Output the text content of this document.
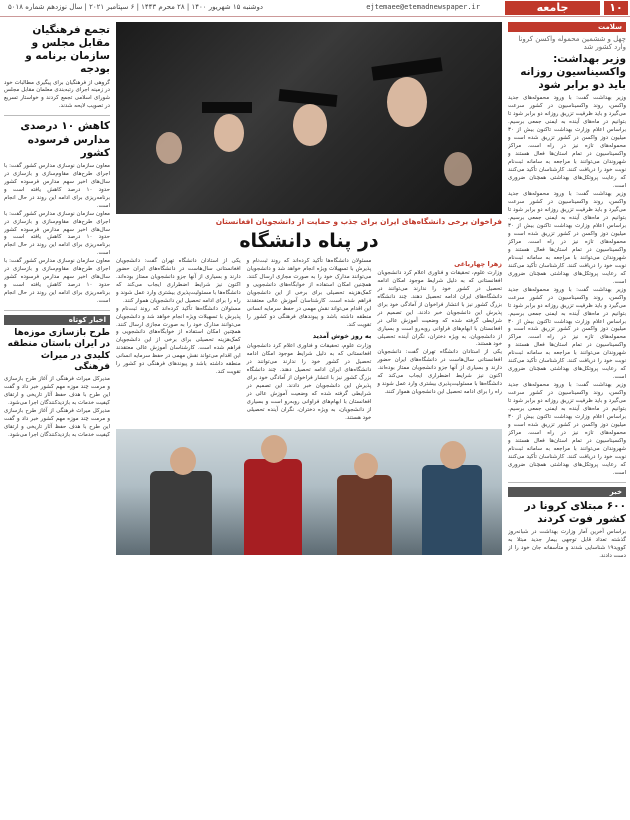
۱۰
جامعه
ejtemaee@etemadnewspaper.ir
دوشنبه ۱۵ شهریور ۱۴۰۰ | ۲۸ محرم ۱۴۴۳ | ۶ سپتامبر ۲۰۲۱ | سال نوزدهم شماره ۵۰۱۸
سلامت
چهل و ششمین محموله واکسن کرونا وارد کشور شد
وزیر بهداشت: واکسیناسیون روزانه باید دو برابر شود
وزیر بهداشت گفت: با ورود محموله‌های جدید واکسن، روند واکسیناسیون در کشور سرعت می‌گیرد و باید ظرفیت تزریق روزانه دو برابر شود تا بتوانیم در ماه‌های آینده به ایمنی جمعی برسیم. براساس اعلام وزارت بهداشت تاکنون بیش از ۳۰ میلیون دوز واکسن در کشور تزریق شده است و محموله‌های تازه نیز در راه است. مراکز واکسیناسیون در تمام استان‌ها فعال هستند و شهروندان می‌توانند با مراجعه به سامانه ثبت‌نام نوبت خود را دریافت کنند. کارشناسان تأکید می‌کنند که رعایت پروتکل‌های بهداشتی همچنان ضروری است.
وزیر بهداشت گفت: با ورود محموله‌های جدید واکسن، روند واکسیناسیون در کشور سرعت می‌گیرد و باید ظرفیت تزریق روزانه دو برابر شود تا بتوانیم در ماه‌های آینده به ایمنی جمعی برسیم. براساس اعلام وزارت بهداشت تاکنون بیش از ۳۰ میلیون دوز واکسن در کشور تزریق شده است و محموله‌های تازه نیز در راه است. مراکز واکسیناسیون در تمام استان‌ها فعال هستند و شهروندان می‌توانند با مراجعه به سامانه ثبت‌نام نوبت خود را دریافت کنند. کارشناسان تأکید می‌کنند که رعایت پروتکل‌های بهداشتی همچنان ضروری است.
وزیر بهداشت گفت: با ورود محموله‌های جدید واکسن، روند واکسیناسیون در کشور سرعت می‌گیرد و باید ظرفیت تزریق روزانه دو برابر شود تا بتوانیم در ماه‌های آینده به ایمنی جمعی برسیم. براساس اعلام وزارت بهداشت تاکنون بیش از ۳۰ میلیون دوز واکسن در کشور تزریق شده است و محموله‌های تازه نیز در راه است. مراکز واکسیناسیون در تمام استان‌ها فعال هستند و شهروندان می‌توانند با مراجعه به سامانه ثبت‌نام نوبت خود را دریافت کنند. کارشناسان تأکید می‌کنند که رعایت پروتکل‌های بهداشتی همچنان ضروری است.
وزیر بهداشت گفت: با ورود محموله‌های جدید واکسن، روند واکسیناسیون در کشور سرعت می‌گیرد و باید ظرفیت تزریق روزانه دو برابر شود تا بتوانیم در ماه‌های آینده به ایمنی جمعی برسیم. براساس اعلام وزارت بهداشت تاکنون بیش از ۳۰ میلیون دوز واکسن در کشور تزریق شده است و محموله‌های تازه نیز در راه است. مراکز واکسیناسیون در تمام استان‌ها فعال هستند و شهروندان می‌توانند با مراجعه به سامانه ثبت‌نام نوبت خود را دریافت کنند. کارشناسان تأکید می‌کنند که رعایت پروتکل‌های بهداشتی همچنان ضروری است.
خبر
۶۰۰ مبتلای کرونا در کشور فوت کردند
براساس آخرین آمار وزارت بهداشت در شبانه‌روز گذشته تعداد قابل توجهی بیمار جدید مبتلا به کووید۱۹ شناسایی شدند و متأسفانه جان خود را از دست دادند.
فراخوان برخی دانشگاه‌های ایران برای جذب و حمایت از دانشجویان افغانستان
در پناه دانشگاه
زهرا چهارباغی
وزارت علوم، تحقیقات و فناوری اعلام کرد دانشجویان افغانستانی که به دلیل شرایط موجود امکان ادامه تحصیل در کشور خود را ندارند می‌توانند در دانشگاه‌های ایران ادامه تحصیل دهند. چند دانشگاه بزرگ کشور نیز با انتشار فراخوان از آمادگی خود برای پذیرش این دانشجویان خبر دادند. این تصمیم در شرایطی گرفته شده که وضعیت آموزش عالی در افغانستان با ابهام‌های فراوانی روبه‌رو است و بسیاری از دانشجویان، به ویژه دختران، نگران آینده تحصیلی خود هستند.
یکی از استادان دانشگاه تهران گفت: دانشجویان افغانستانی سال‌هاست در دانشگاه‌های ایران حضور دارند و بسیاری از آنها جزو دانشجویان ممتاز بوده‌اند. اکنون نیز شرایط اضطراری ایجاب می‌کند که دانشگاه‌ها با مسئولیت‌پذیری بیشتری وارد عمل شوند و راه را برای ادامه تحصیل این دانشجویان هموار کنند.
مسئولان دانشگاه‌ها تأکید کرده‌اند که روند ثبت‌نام و پذیرش با تسهیلات ویژه انجام خواهد شد و دانشجویان می‌توانند مدارک خود را به صورت مجازی ارسال کنند. همچنین امکان استفاده از خوابگاه‌های دانشجویی و کمک‌هزینه تحصیلی برای برخی از این دانشجویان فراهم شده است. کارشناسان آموزش عالی معتقدند این اقدام می‌تواند نقش مهمی در حفظ سرمایه انسانی منطقه داشته باشد و پیوندهای فرهنگی دو کشور را تقویت کند.
به روز خوش آمدید
وزارت علوم، تحقیقات و فناوری اعلام کرد دانشجویان افغانستانی که به دلیل شرایط موجود امکان ادامه تحصیل در کشور خود را ندارند می‌توانند در دانشگاه‌های ایران ادامه تحصیل دهند. چند دانشگاه بزرگ کشور نیز با انتشار فراخوان از آمادگی خود برای پذیرش این دانشجویان خبر دادند. این تصمیم در شرایطی گرفته شده که وضعیت آموزش عالی در افغانستان با ابهام‌های فراوانی روبه‌رو است و بسیاری از دانشجویان، به ویژه دختران، نگران آینده تحصیلی خود هستند.
یکی از استادان دانشگاه تهران گفت: دانشجویان افغانستانی سال‌هاست در دانشگاه‌های ایران حضور دارند و بسیاری از آنها جزو دانشجویان ممتاز بوده‌اند. اکنون نیز شرایط اضطراری ایجاب می‌کند که دانشگاه‌ها با مسئولیت‌پذیری بیشتری وارد عمل شوند و راه را برای ادامه تحصیل این دانشجویان هموار کنند.
مسئولان دانشگاه‌ها تأکید کرده‌اند که روند ثبت‌نام و پذیرش با تسهیلات ویژه انجام خواهد شد و دانشجویان می‌توانند مدارک خود را به صورت مجازی ارسال کنند. همچنین امکان استفاده از خوابگاه‌های دانشجویی و کمک‌هزینه تحصیلی برای برخی از این دانشجویان فراهم شده است. کارشناسان آموزش عالی معتقدند این اقدام می‌تواند نقش مهمی در حفظ سرمایه انسانی منطقه داشته باشد و پیوندهای فرهنگی دو کشور را تقویت کند.
تجمع فرهنگیان مقابل مجلس و سازمان برنامه و بودجه
گروهی از فرهنگیان برای پیگیری مطالبات خود در زمینه اجرای رتبه‌بندی معلمان مقابل مجلس شورای اسلامی تجمع کردند و خواستار تسریع در تصویب لایحه شدند.
کاهش ۱۰ درصدی مدارس فرسوده کشور
معاون سازمان نوسازی مدارس کشور گفت: با اجرای طرح‌های مقاوم‌سازی و بازسازی در سال‌های اخیر سهم مدارس فرسوده کشور حدود ۱۰ درصد کاهش یافته است و برنامه‌ریزی برای ادامه این روند در حال انجام است.
معاون سازمان نوسازی مدارس کشور گفت: با اجرای طرح‌های مقاوم‌سازی و بازسازی در سال‌های اخیر سهم مدارس فرسوده کشور حدود ۱۰ درصد کاهش یافته است و برنامه‌ریزی برای ادامه این روند در حال انجام است.
معاون سازمان نوسازی مدارس کشور گفت: با اجرای طرح‌های مقاوم‌سازی و بازسازی در سال‌های اخیر سهم مدارس فرسوده کشور حدود ۱۰ درصد کاهش یافته است و برنامه‌ریزی برای ادامه این روند در حال انجام است.
اخبار کوتاه
طرح بازسازی موزه‌ها در ایران باستان منطقه کلیدی در میراث فرهنگی
مدیرکل میراث فرهنگی از آغاز طرح بازسازی و مرمت چند موزه مهم کشور خبر داد و گفت این طرح با هدف حفظ آثار تاریخی و ارتقای کیفیت خدمات به بازدیدکنندگان اجرا می‌شود.
مدیرکل میراث فرهنگی از آغاز طرح بازسازی و مرمت چند موزه مهم کشور خبر داد و گفت این طرح با هدف حفظ آثار تاریخی و ارتقای کیفیت خدمات به بازدیدکنندگان اجرا می‌شود.
